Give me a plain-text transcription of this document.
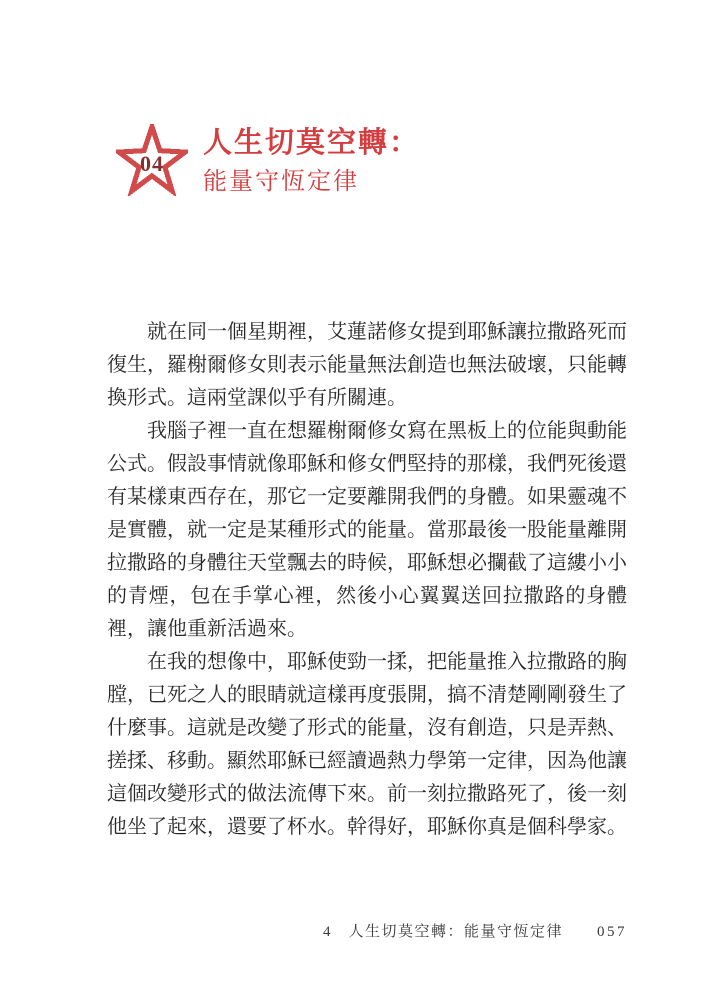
04
人生切莫空轉：
能量守恆定律

就在同一個星期裡，艾蓮諾修女提到耶穌讓拉撒路死而復生，羅榭爾修女則表示能量無法創造也無法破壞，只能轉換形式。這兩堂課似乎有所關連。

我腦子裡一直在想羅榭爾修女寫在黑板上的位能與動能公式。假設事情就像耶穌和修女們堅持的那樣，我們死後還有某樣東西存在，那它一定要離開我們的身體。如果靈魂不是實體，就一定是某種形式的能量。當那最後一股能量離開拉撒路的身體往天堂飄去的時候，耶穌想必攔截了這縷小小的青煙，包在手掌心裡，然後小心翼翼送回拉撒路的身體裡，讓他重新活過來。

在我的想像中，耶穌使勁一揉，把能量推入拉撒路的胸膛，已死之人的眼睛就這樣再度張開，搞不清楚剛剛發生了什麼事。這就是改變了形式的能量，沒有創造，只是弄熱、搓揉、移動。顯然耶穌已經讀過熱力學第一定律，因為他讓這個改變形式的做法流傳下來。前一刻拉撒路死了，後一刻他坐了起來，還要了杯水。幹得好，耶穌你真是個科學家。

4　人生切莫空轉：能量守恆定律 057
